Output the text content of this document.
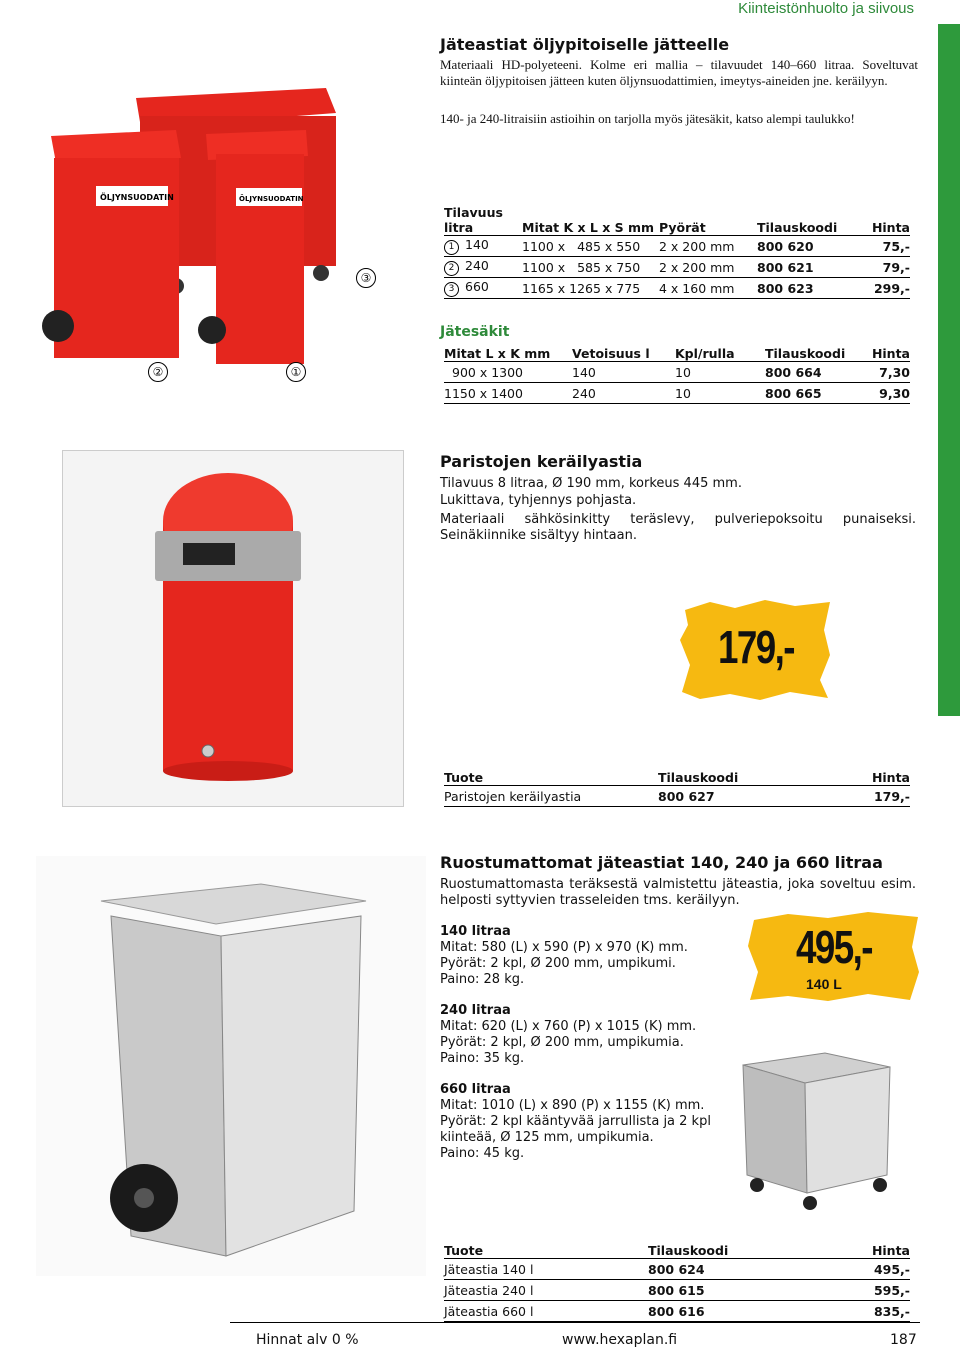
Kiinteistönhuolto ja siivous
ÖLJYNSUODATIN	ÖLJYNSUODATIN
②	①
③
Jäteastiat öljypitoiselle jätteelle
Materiaali HD-polyeteeni. Kolme eri mallia – tilavuudet 140–660 litraa. Soveltuvat kiinteän öljypitoisen jätteen kuten öljynsuodattimien, imeytys-aineiden jne. keräilyyn.
140- ja 240-litraisiin astioihin on tarjolla myös jätesäkit, katso alempi taulukko!
Tilavuus
litra	Mitat K x L x S mm	Pyörät	Tilauskoodi	Hinta
1 140	1100 x   485 x 550	2 x 200 mm	800 620	75,-
2 240	1100 x   585 x 750	2 x 200 mm	800 621	79,-
3 660	1165 x 1265 x 775	4 x 160 mm	800 623	299,-
Jätesäkit
Mitat L x K mm	Vetoisuus l	Kpl/rulla	Tilauskoodi	Hinta
900 x 1300	140	10	800 664	7,30
1150 x 1400	240	10	800 665	9,30
Paristojen keräilyastia
Tilavuus 8 litraa, Ø 190 mm, korkeus 445 mm.
Lukittava, tyhjennys pohjasta.
Materiaali sähkösinkitty teräslevy, pulveriepoksoitu punaiseksi. Seinäkiinnike sisältyy hintaan.
179,-
Tuote	Tilauskoodi	Hinta
Paristojen keräilyastia	800 627	179,-
Ruostumattomat jäteastiat 140, 240 ja 660 litraa
Ruostumattomasta teräksestä valmistettu jäteastia, joka soveltuu esim. helposti syttyvien trasseleiden tms. keräilyyn.
495,-
140 L
140 litraa
Mitat: 580 (L) x 590 (P) x 970 (K) mm.
Pyörät: 2 kpl, Ø 200 mm, umpikumi.
Paino: 28 kg.
240 litraa
Mitat: 620 (L) x 760 (P) x 1015 (K) mm.
Pyörät: 2 kpl, Ø 200 mm, umpikumia.
Paino: 35 kg.
660 litraa
Mitat: 1010 (L) x 890 (P) x 1155 (K) mm.
Pyörät: 2 kpl kääntyvää jarrullista ja 2 kpl kiinteää, Ø 125 mm, umpikumia.
Paino: 45 kg.
Tuote	Tilauskoodi	Hinta
Jäteastia 140 l	800 624	495,-
Jäteastia 240 l	800 615	595,-
Jäteastia 660 l	800 616	835,-
Hinnat alv 0 %	www.hexaplan.fi	187
